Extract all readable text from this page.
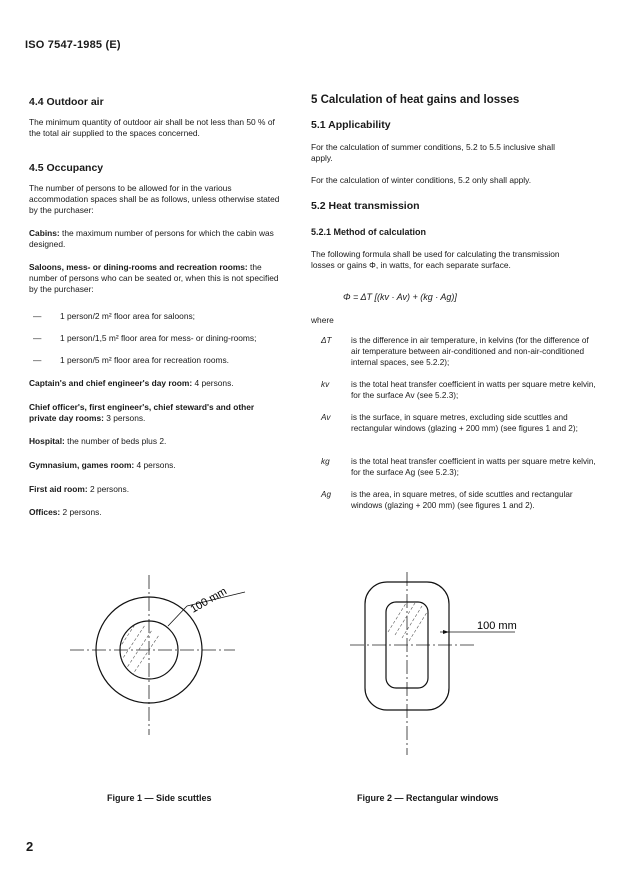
ISO 7547-1985 (E)
4.4 Outdoor air
The minimum quantity of outdoor air shall be not less than 50 % of the total air supplied to the spaces concerned.
4.5 Occupancy
The number of persons to be allowed for in the various accommodation spaces shall be as follows, unless otherwise stated by the purchaser:
Cabins: the maximum number of persons for which the cabin was designed.
Saloons, mess- or dining-rooms and recreation rooms: the number of persons who can be seated or, when this is not specified by the purchaser:
— 1 person/2 m² floor area for saloons;
— 1 person/1,5 m² floor area for mess- or dining-rooms;
— 1 person/5 m² floor area for recreation rooms.
Captain's and chief engineer's day room: 4 persons.
Chief officer's, first engineer's, chief steward's and other private day rooms: 3 persons.
Hospital: the number of beds plus 2.
Gymnasium, games room: 4 persons.
First aid room: 2 persons.
Offices: 2 persons.
5 Calculation of heat gains and losses
5.1 Applicability
For the calculation of summer conditions, 5.2 to 5.5 inclusive shall apply.
For the calculation of winter conditions, 5.2 only shall apply.
5.2 Heat transmission
5.2.1 Method of calculation
The following formula shall be used for calculating the transmission losses or gains Φ, in watts, for each separate surface.
Φ = ΔT [(kv · Av) + (kg · Ag)]
where
ΔT is the difference in air temperature, in kelvins (for the difference of air temperature between air-conditioned and non-air-conditioned internal spaces, see 5.2.2);
kv	is the total heat transfer coefficient in watts per square metre kelvin, for the surface Av (see 5.2.3);
Av	is the surface, in square metres, excluding side scuttles and rectangular windows (glazing + 200 mm) (see figures 1 and 2);
kg	is the total heat transfer coefficient in watts per square metre kelvin, for the surface Ag (see 5.2.3);
Ag is the area, in square metres, of side scuttles and rectangular windows (glazing + 200 mm) (see figures 1 and 2).
100 mm
100 mm
Figure 1 — Side scuttles	Figure 2 — Rectangular windows
2
